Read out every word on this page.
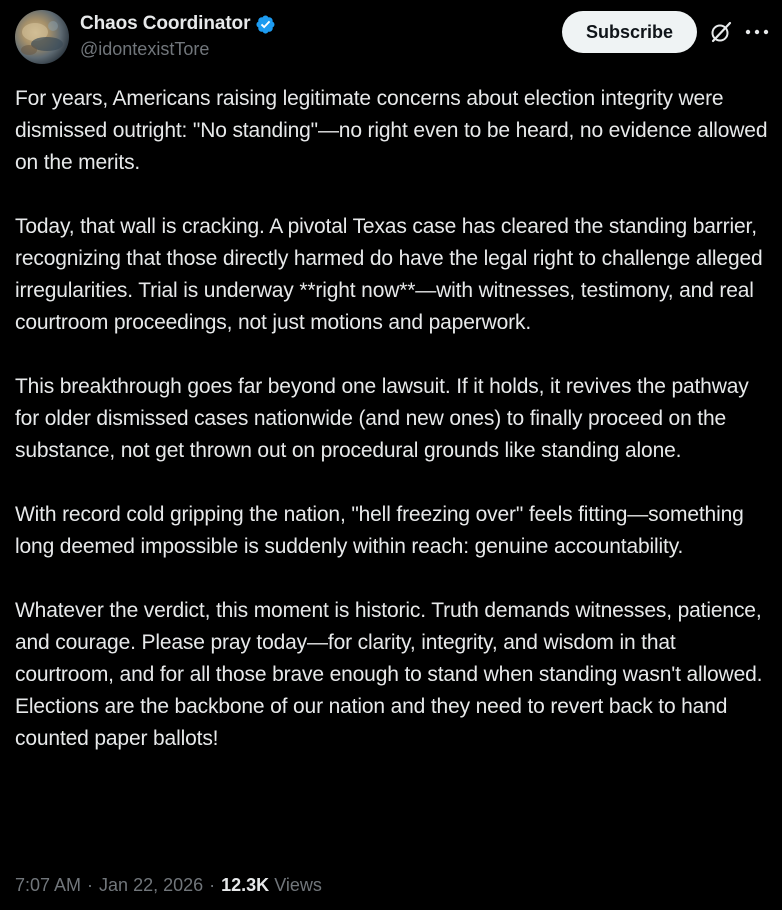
Chaos Coordinator
@idontexistTore
Subscribe

For years, Americans raising legitimate concerns about election integrity were dismissed outright: "No standing"—no right even to be heard, no evidence allowed on the merits.

Today, that wall is cracking. A pivotal Texas case has cleared the standing barrier, recognizing that those directly harmed do have the legal right to challenge alleged irregularities. Trial is underway **right now**—with witnesses, testimony, and real courtroom proceedings, not just motions and paperwork.

This breakthrough goes far beyond one lawsuit. If it holds, it revives the pathway for older dismissed cases nationwide (and new ones) to finally proceed on the substance, not get thrown out on procedural grounds like standing alone.

With record cold gripping the nation, "hell freezing over" feels fitting—something long deemed impossible is suddenly within reach: genuine accountability.

Whatever the verdict, this moment is historic. Truth demands witnesses, patience, and courage. Please pray today—for clarity, integrity, and wisdom in that courtroom, and for all those brave enough to stand when standing wasn't allowed. Elections are the backbone of our nation and they need to revert back to hand counted paper ballots!

7:07 AM · Jan 22, 2026 · 12.3K Views
